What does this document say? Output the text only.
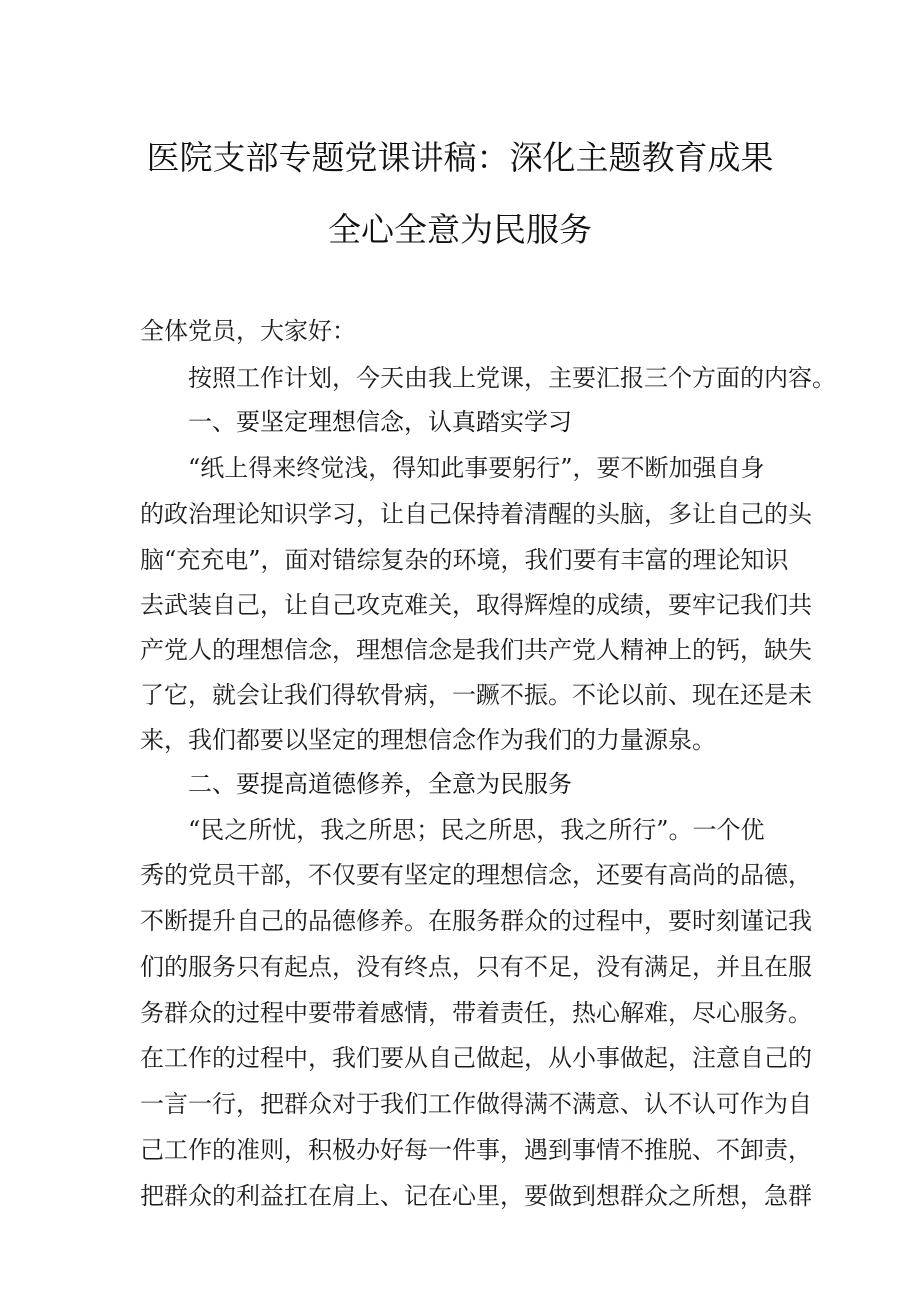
医院支部专题党课讲稿：深化主题教育成果
全心全意为民服务
全体党员，大家好：
按照工作计划，今天由我上党课，主要汇报三个方面的内容。
一、要坚定理想信念，认真踏实学习
“纸上得来终觉浅，得知此事要躬行”，要不断加强自身
的政治理论知识学习，让自己保持着清醒的头脑，多让自己的头
脑“充充电”，面对错综复杂的环境，我们要有丰富的理论知识
去武装自己，让自己攻克难关，取得辉煌的成绩，要牢记我们共
产党人的理想信念，理想信念是我们共产党人精神上的钙，缺失
了它，就会让我们得软骨病，一蹶不振。不论以前、现在还是未
来，我们都要以坚定的理想信念作为我们的力量源泉。
二、要提高道德修养，全意为民服务
“民之所忧，我之所思；民之所思，我之所行”。一个优
秀的党员干部，不仅要有坚定的理想信念，还要有高尚的品德，
不断提升自己的品德修养。在服务群众的过程中，要时刻谨记我
们的服务只有起点，没有终点，只有不足，没有满足，并且在服
务群众的过程中要带着感情，带着责任，热心解难，尽心服务。
在工作的过程中，我们要从自己做起，从小事做起，注意自己的
一言一行，把群众对于我们工作做得满不满意、认不认可作为自
己工作的准则，积极办好每一件事，遇到事情不推脱、不卸责，
把群众的利益扛在肩上、记在心里，要做到想群众之所想，急群
